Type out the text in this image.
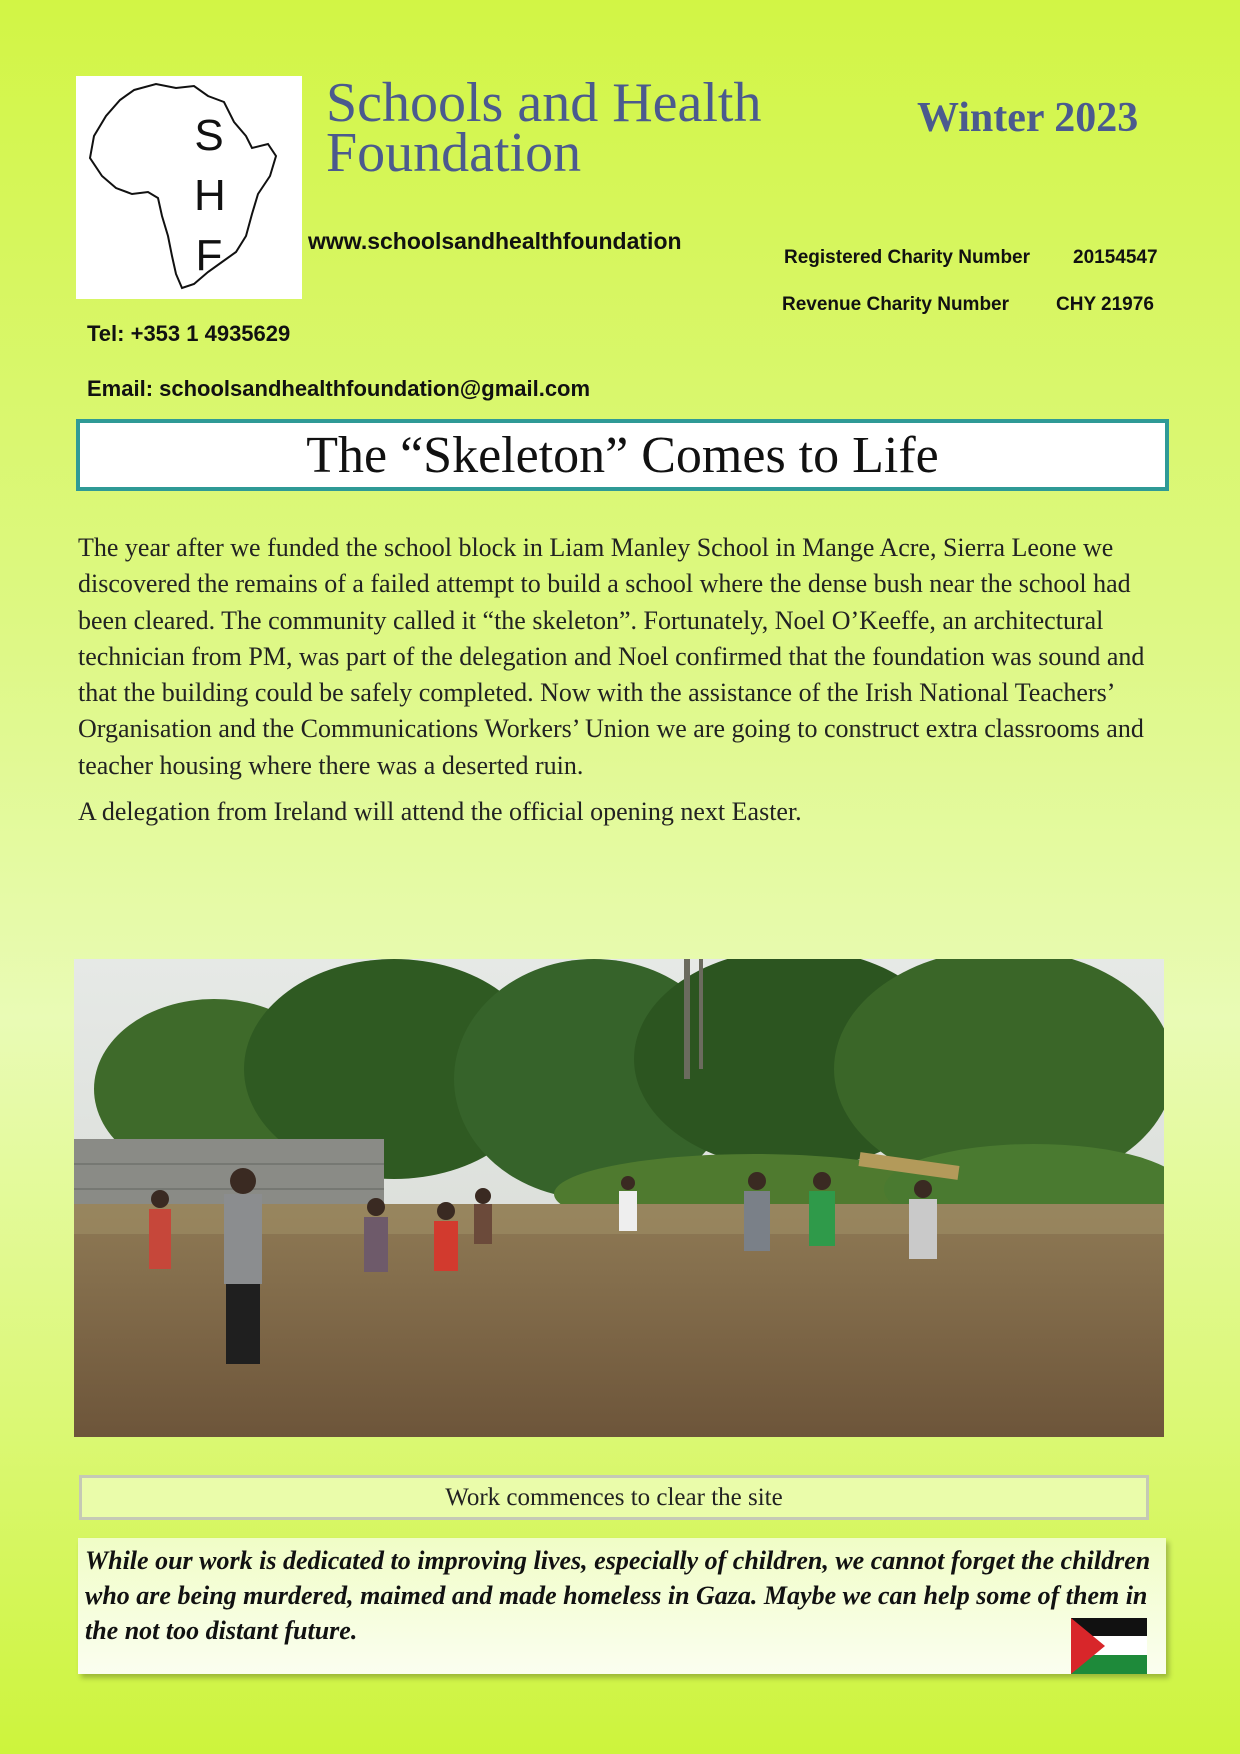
S
H
F
Schools and Health Foundation
Winter 2023
www.schoolsandhealthfoundation
Registered Charity Number 20154547
Revenue Charity Number CHY 21976
Tel: +353 1 4935629
Email: schoolsandhealthfoundation@gmail.com
The “Skeleton” Comes to Life

The year after we funded the school block in Liam Manley School in Mange Acre, Sierra Leone we discovered the remains of a failed attempt to build a school where the dense bush near the school had been cleared. The community called it “the skeleton”. Fortunately, Noel O’Keeffe, an architectural technician from PM, was part of the delegation and Noel confirmed that the foundation was sound and that the building could be safely completed. Now with the assistance of the Irish National Teachers’ Organisation and the Communications Workers’ Union we are going to construct extra classrooms and teacher housing where there was a deserted ruin.

A delegation from Ireland will attend the official opening next Easter.

Work commences to clear the site
While our work is dedicated to improving lives, especially of children, we cannot forget the children who are being murdered, maimed and made homeless in Gaza. Maybe we can help some of them in the not too distant future.
